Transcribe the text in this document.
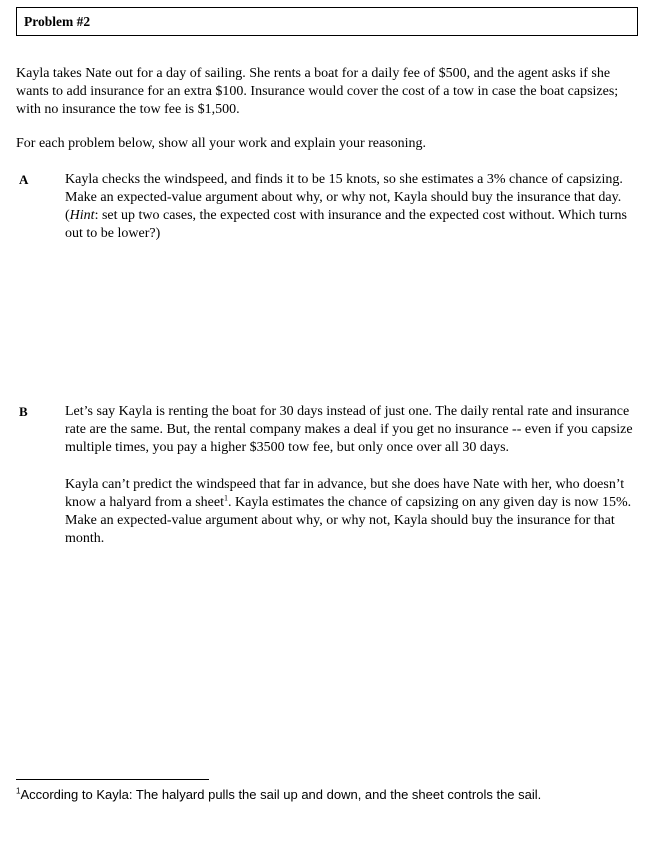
Problem #2
Kayla takes Nate out for a day of sailing. She rents a boat for a daily fee of $500, and the agent asks if she wants to add insurance for an extra $100. Insurance would cover the cost of a tow in case the boat capsizes; with no insurance the tow fee is $1,500.
For each problem below, show all your work and explain your reasoning.
A	Kayla checks the windspeed, and finds it to be 15 knots, so she estimates a 3% chance of capsizing. Make an expected-value argument about why, or why not, Kayla should buy the insurance that day. (Hint: set up two cases, the expected cost with insurance and the expected cost without. Which turns out to be lower?)
B	Let’s say Kayla is renting the boat for 30 days instead of just one. The daily rental rate and insurance rate are the same. But, the rental company makes a deal if you get no insurance -- even if you capsize multiple times, you pay a higher $3500 tow fee, but only once over all 30 days.
Kayla can’t predict the windspeed that far in advance, but she does have Nate with her, who doesn’t know a halyard from a sheet$^1$. Kayla estimates the chance of capsizing on any given day is now 15%. Make an expected-value argument about why, or why not, Kayla should buy the insurance for that month.
$^1$According to Kayla: The halyard pulls the sail up and down, and the sheet controls the sail.
